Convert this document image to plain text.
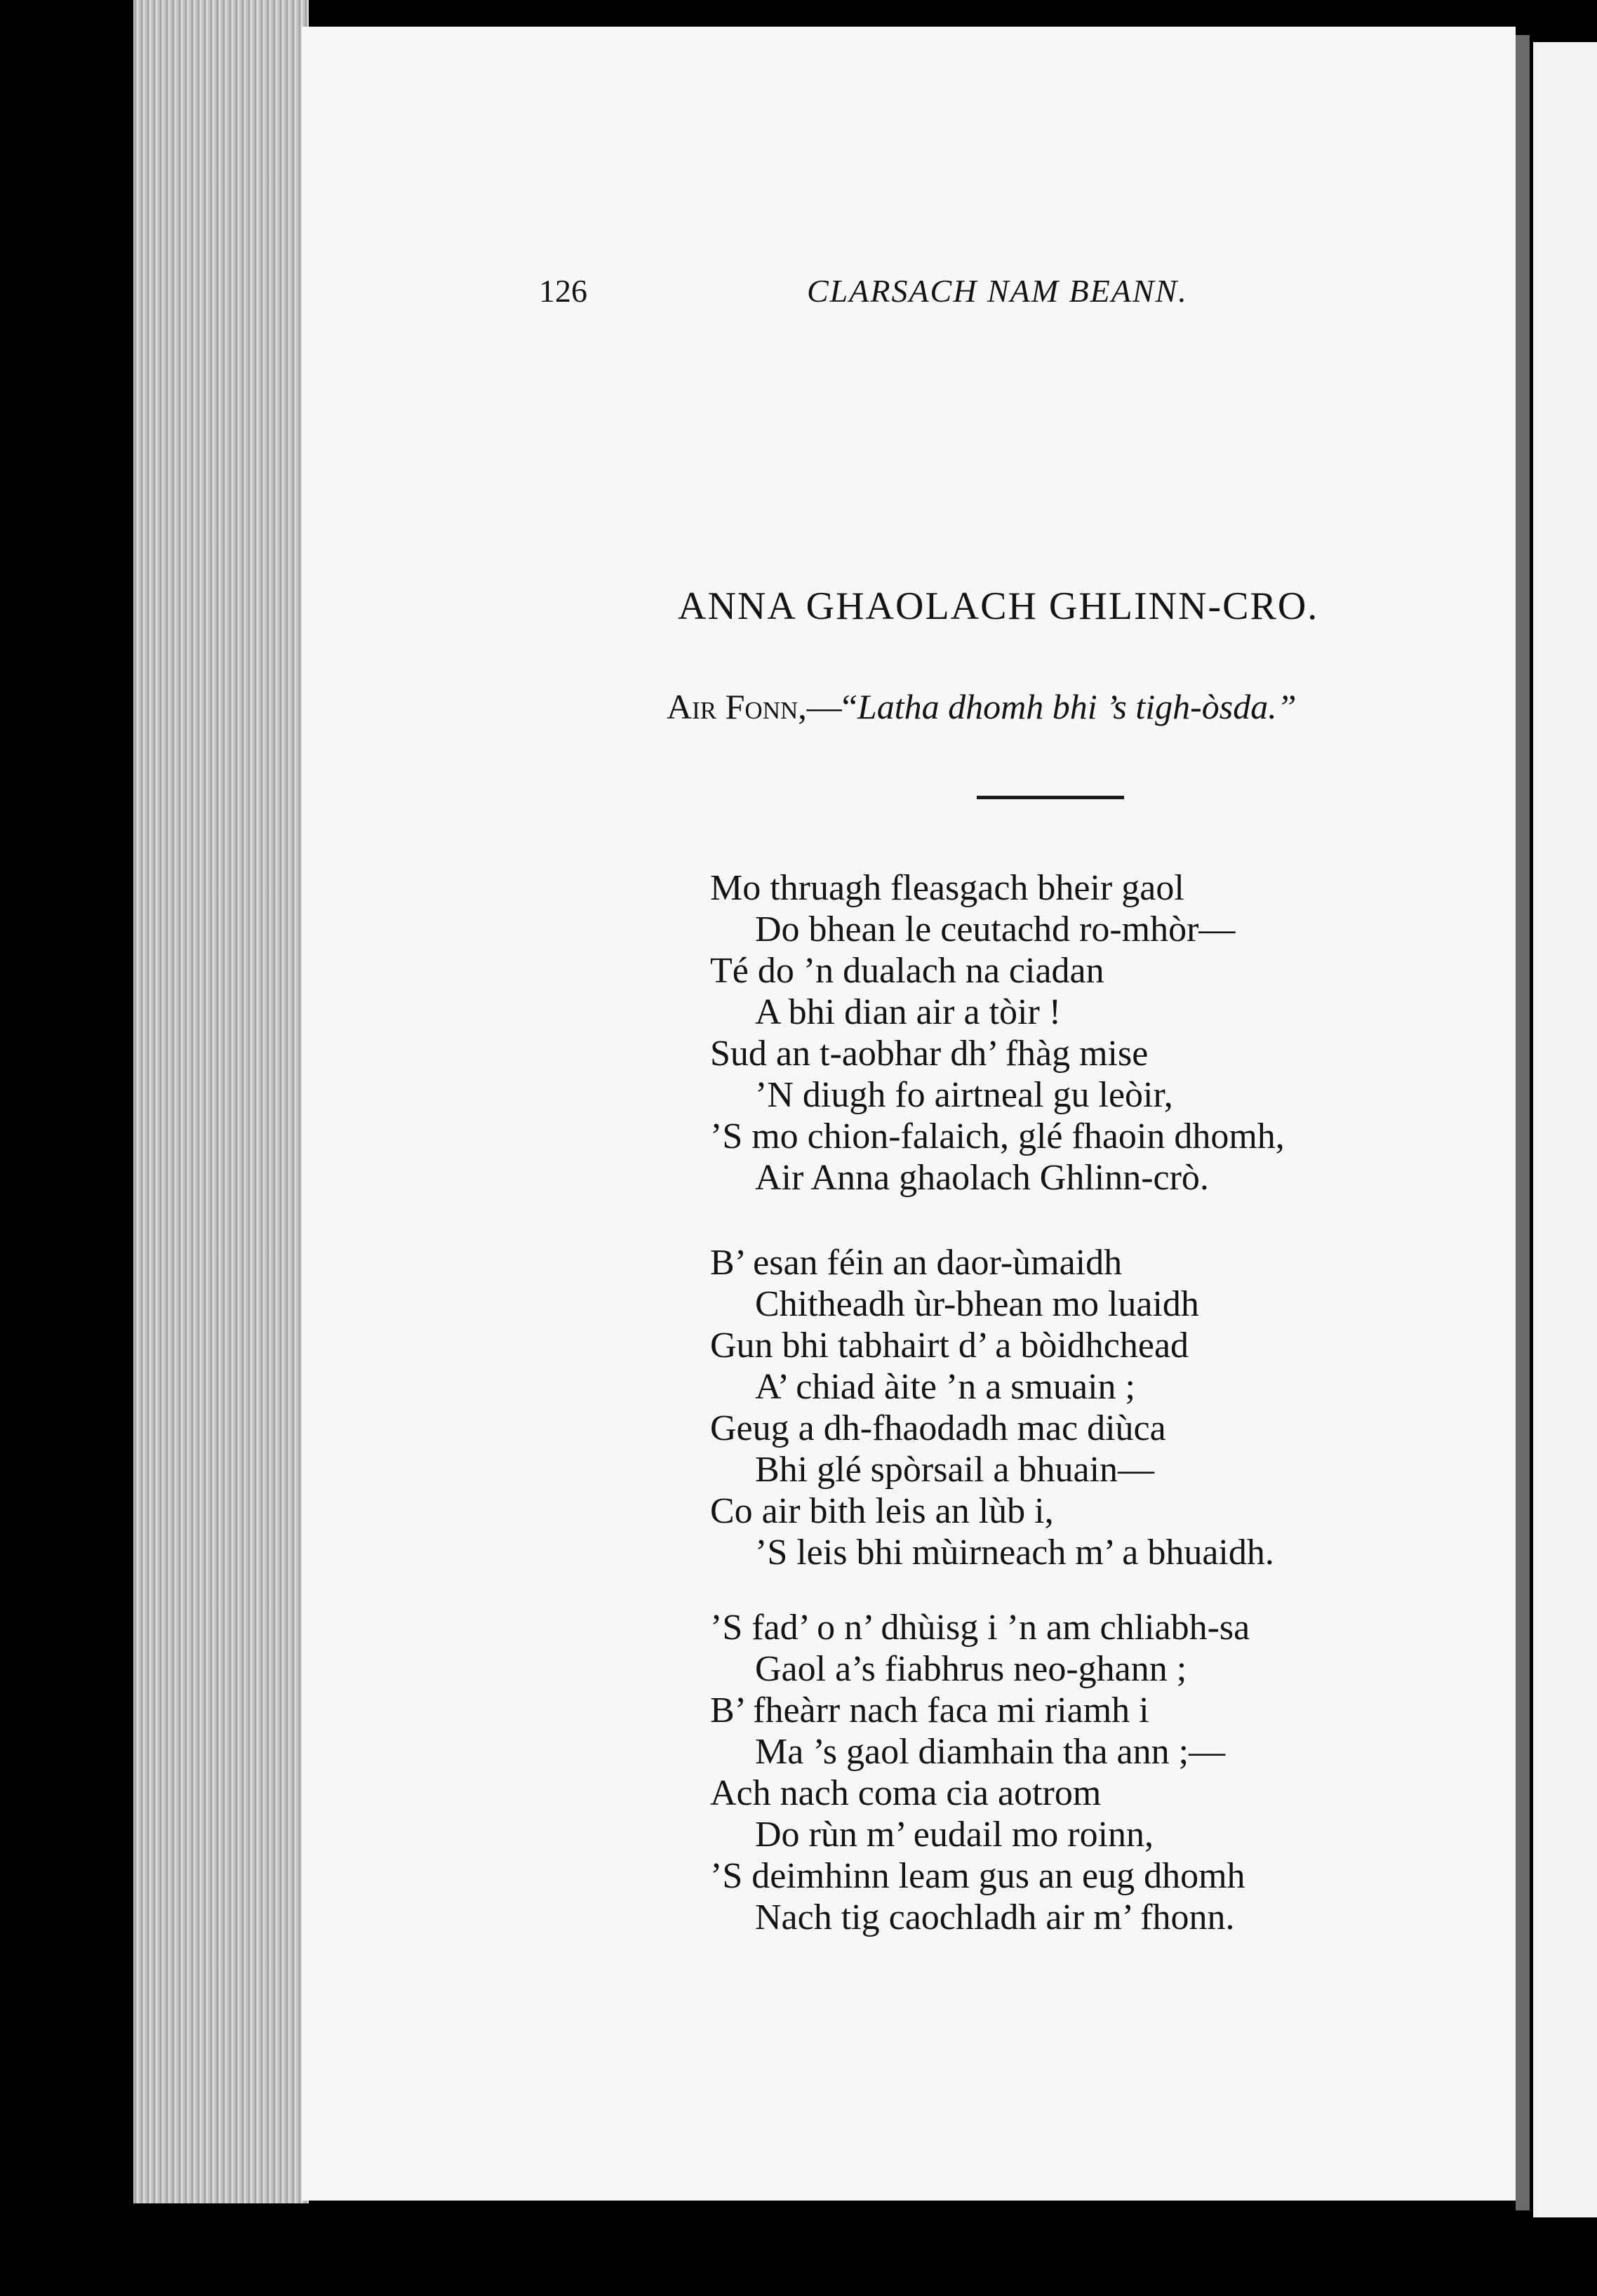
126	CLARSACH NAM BEANN.
ANNA GHAOLACH GHLINN-CRO.
Air Fonn,—“Latha dhomh bhi ’s tigh-òsda.”
Mo thruagh fleasgach bheir gaol
Do bhean le ceutachd ro-mhòr—
Té do ’n dualach na ciadan
A bhi dian air a tòir !
Sud an t-aobhar dh’ fhàg mise
’N diugh fo airtneal gu leòir,
’S mo chion-falaich, glé fhaoin dhomh,
Air Anna ghaolach Ghlinn-crò.
B’ esan féin an daor-ùmaidh
Chitheadh ùr-bhean mo luaidh
Gun bhi tabhairt d’ a bòidhchead
A’ chiad àite ’n a smuain ;
Geug a dh-fhaodadh mac diùca
Bhi glé spòrsail a bhuain—
Co air bith leis an lùb i,
’S leis bhi mùirneach m’ a bhuaidh.
’S fad’ o n’ dhùisg i ’n am chliabh-sa
Gaol a’s fiabhrus neo-ghann ;
B’ fheàrr nach faca mi riamh i
Ma ’s gaol diamhain tha ann ;—
Ach nach coma cia aotrom
Do rùn m’ eudail mo roinn,
’S deimhinn leam gus an eug dhomh
Nach tig caochladh air m’ fhonn.
